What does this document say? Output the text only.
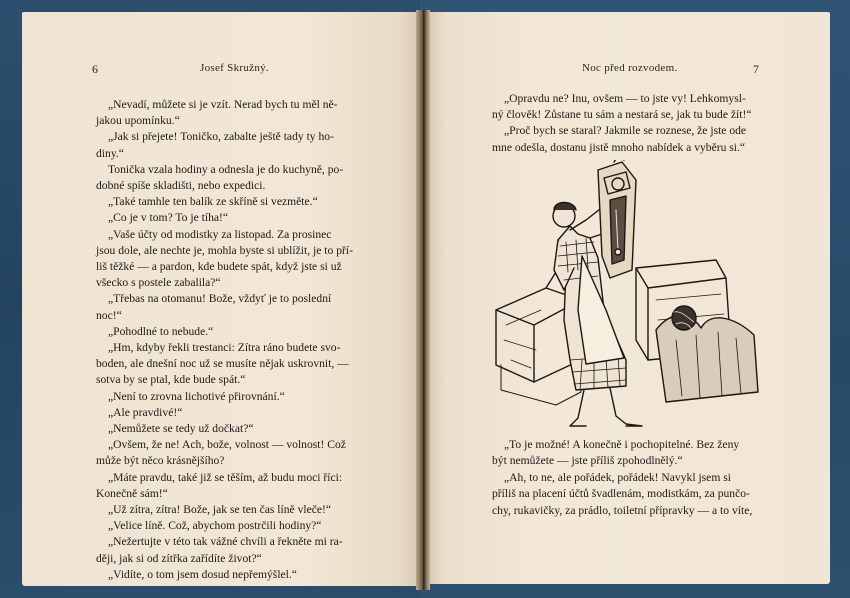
6	Josef Skružný.
„Nevadí, můžete si je vzít. Nerad bych tu měl ně-
jakou upomínku.“
„Jak si přejete! Toničko, zabalte ještě tady ty ho-
diny.“
Tonička vzala hodiny a odnesla je do kuchyně, po-
dobné spíše skladišti, nebo expedici.
„Také tamhle ten balík ze skříně si vezměte.“
„Co je v tom? To je tíha!“
„Vaše účty od modistky za listopad. Za prosinec
jsou dole, ale nechte je, mohla byste si ublížit, je to pří-
liš těžké — a pardon, kde budete spát, když jste si už
všecko s postele zabalila?“
„Třebas na otomanu! Bože, vždyť je to poslední
noc!“
„Pohodlné to nebude.“
„Hm, kdyby řekli trestanci: Zítra ráno budete svo-
boden, ale dnešní noc už se musíte nějak uskrovnit, —
sotva by se ptal, kde bude spát.“
„Není to zrovna lichotivé přirovnání.“
„Ale pravdivé!“
„Nemůžete se tedy už dočkat?“
„Ovšem, že ne! Ach, bože, volnost — volnost! Což
může být něco krásnějšího?
„Máte pravdu, také již se těším, až budu moci říci:
Konečně sám!“
„Už zítra, zítra! Bože, jak se ten čas líně vleče!“
„Velice líně. Což, abychom postrčili hodiny?“
„Nežertujte v této tak vážné chvíli a řekněte mi ra-
ději, jak si od zítřka zařídíte život?“
„Vidíte, o tom jsem dosud nepřemýšlel.“
Noc před rozvodem.	7
„Opravdu ne? Inu, ovšem — to jste vy! Lehkomysl-
ný člověk! Zůstane tu sám a nestará se, jak tu bude žít!“
„Proč bych se staral? Jakmile se roznese, že jste ode
mne odešla, dostanu jistě mnoho nabídek a vyběru si.“
„To je možné! A konečně i pochopitelné. Bez ženy
být nemůžete — jste příliš zpohodlnělý.“
„Ah, to ne, ale pořádek, pořádek! Navykl jsem si
příliš na placení účtů švadlenám, modistkám, za punčo-
chy, rukavičky, za prádlo, toiletní přípravky — a to víte,
